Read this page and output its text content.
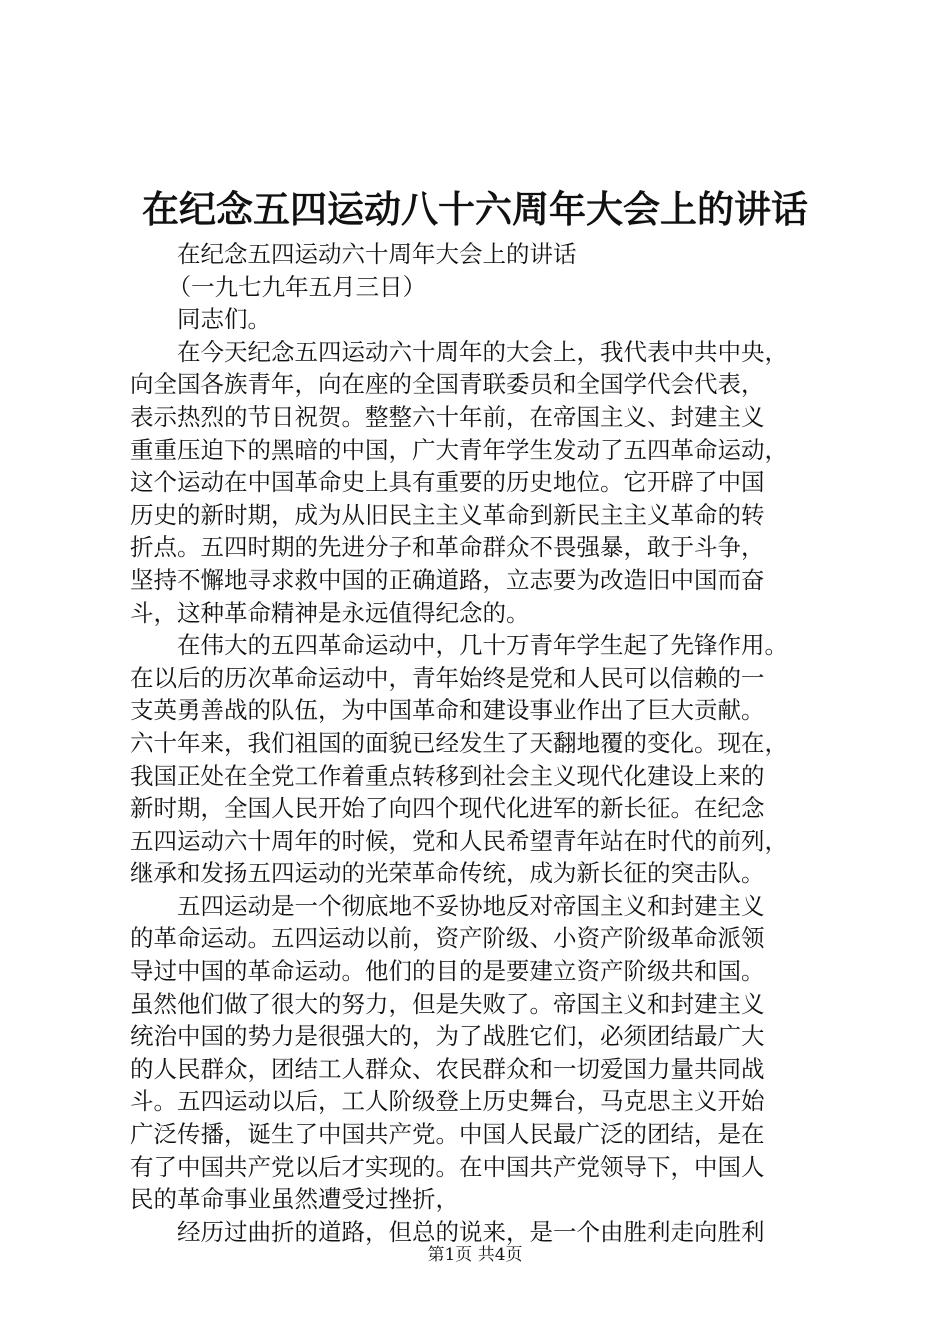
在纪念五四运动八十六周年大会上的讲话
在纪念五四运动六十周年大会上的讲话
（一九七九年五月三日）
同志们。
在今天纪念五四运动六十周年的大会上，我代表中共中央，
向全国各族青年，向在座的全国青联委员和全国学代会代表，
表示热烈的节日祝贺。整整六十年前，在帝国主义、封建主义
重重压迫下的黑暗的中国，广大青年学生发动了五四革命运动，
这个运动在中国革命史上具有重要的历史地位。它开辟了中国
历史的新时期，成为从旧民主主义革命到新民主主义革命的转
折点。五四时期的先进分子和革命群众不畏强暴，敢于斗争，
坚持不懈地寻求救中国的正确道路，立志要为改造旧中国而奋
斗，这种革命精神是永远值得纪念的。
在伟大的五四革命运动中，几十万青年学生起了先锋作用。
在以后的历次革命运动中，青年始终是党和人民可以信赖的一
支英勇善战的队伍，为中国革命和建设事业作出了巨大贡献。
六十年来，我们祖国的面貌已经发生了天翻地覆的变化。现在，
我国正处在全党工作着重点转移到社会主义现代化建设上来的
新时期，全国人民开始了向四个现代化进军的新长征。在纪念
五四运动六十周年的时候，党和人民希望青年站在时代的前列，
继承和发扬五四运动的光荣革命传统，成为新长征的突击队。
五四运动是一个彻底地不妥协地反对帝国主义和封建主义
的革命运动。五四运动以前，资产阶级、小资产阶级革命派领
导过中国的革命运动。他们的目的是要建立资产阶级共和国。
虽然他们做了很大的努力，但是失败了。帝国主义和封建主义
统治中国的势力是很强大的，为了战胜它们，必须团结最广大
的人民群众，团结工人群众、农民群众和一切爱国力量共同战
斗。五四运动以后，工人阶级登上历史舞台，马克思主义开始
广泛传播，诞生了中国共产党。中国人民最广泛的团结，是在
有了中国共产党以后才实现的。在中国共产党领导下，中国人
民的革命事业虽然遭受过挫折，
经历过曲折的道路，但总的说来，是一个由胜利走向胜利
第1页 共4页
